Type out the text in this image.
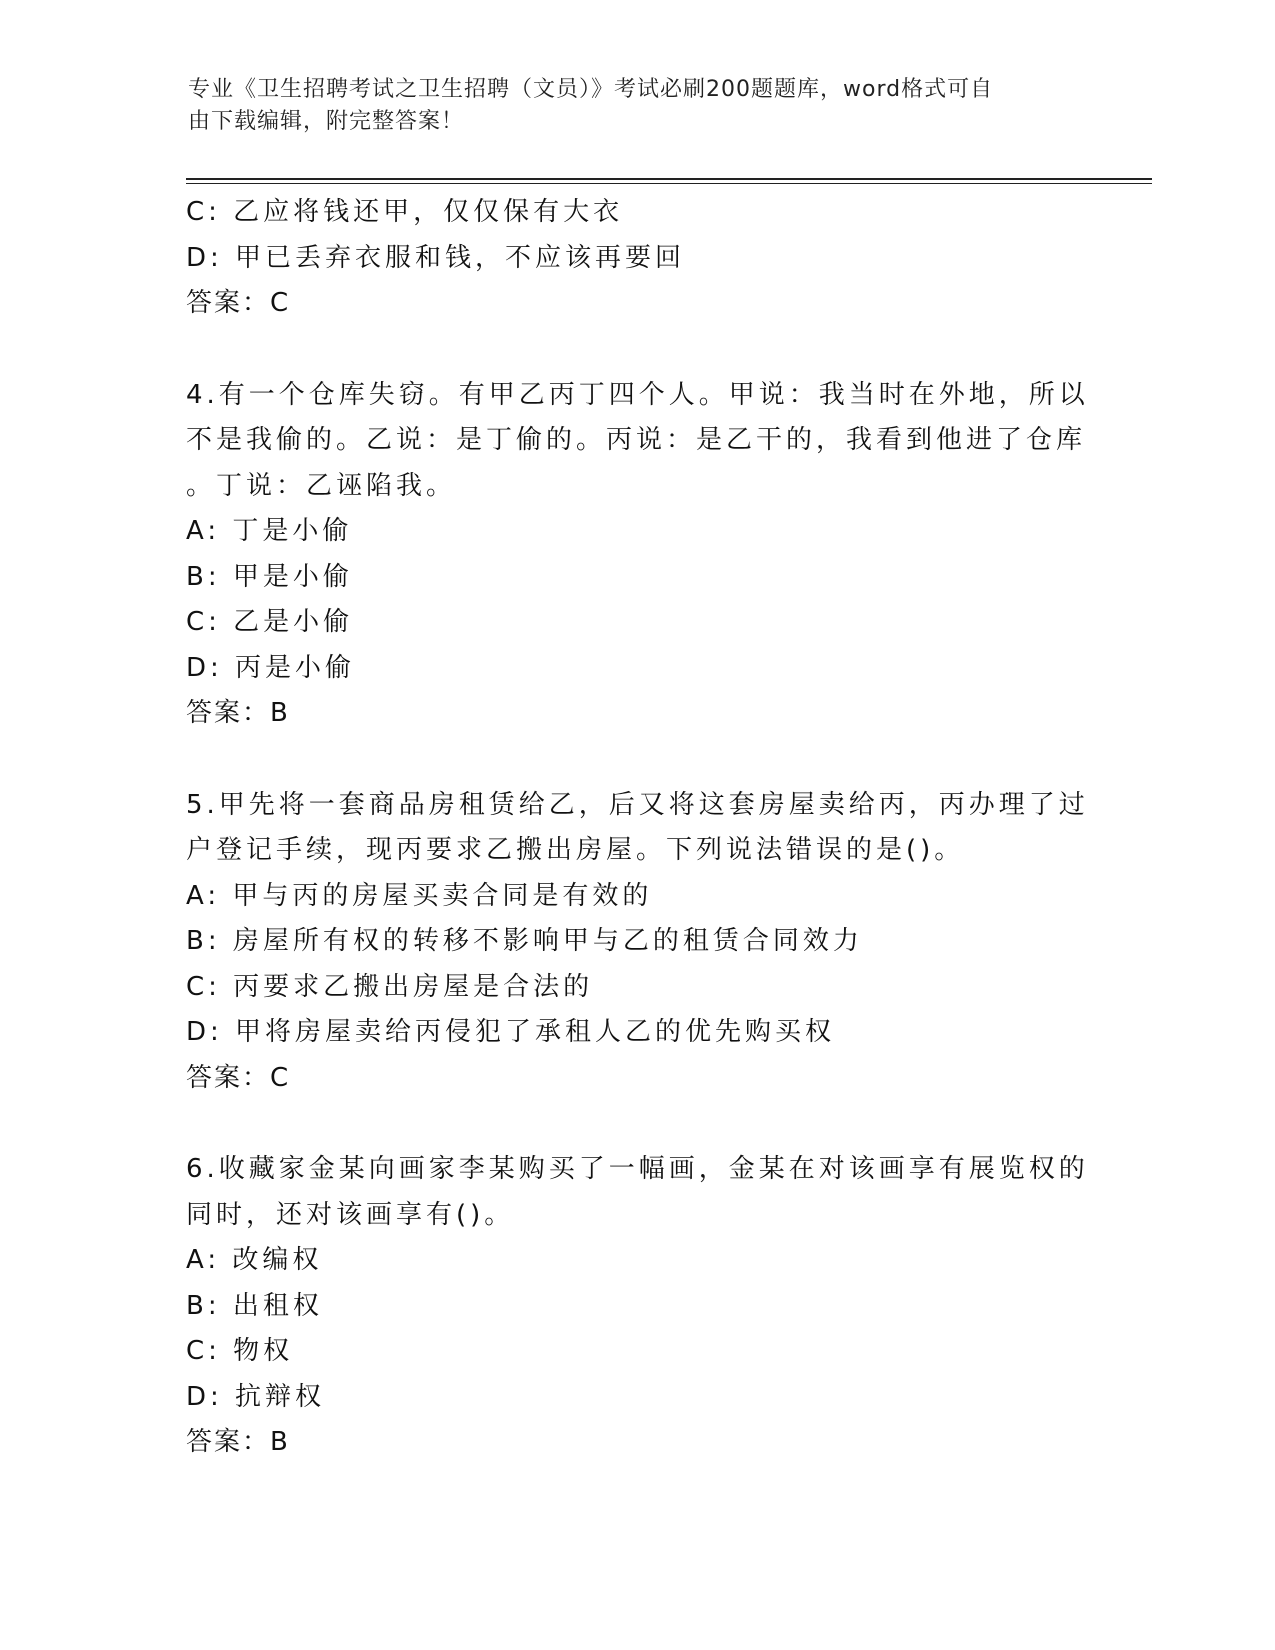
专业《卫生招聘考试之卫生招聘（文员）》考试必刷200题题库，word格式可自
由下载编辑，附完整答案！
C: 乙应将钱还甲，仅仅保有大衣
D: 甲已丢弃衣服和钱，不应该再要回
答案：C
4.有一个仓库失窃。有甲乙丙丁四个人。甲说：我当时在外地，所以
不是我偷的。乙说：是丁偷的。丙说：是乙干的，我看到他进了仓库
。丁说：乙诬陷我。
A: 丁是小偷
B: 甲是小偷
C: 乙是小偷
D: 丙是小偷
答案：B
5.甲先将一套商品房租赁给乙，后又将这套房屋卖给丙，丙办理了过
户登记手续，现丙要求乙搬出房屋。下列说法错误的是()。
A: 甲与丙的房屋买卖合同是有效的
B: 房屋所有权的转移不影响甲与乙的租赁合同效力
C: 丙要求乙搬出房屋是合法的
D: 甲将房屋卖给丙侵犯了承租人乙的优先购买权
答案：C
6.收藏家金某向画家李某购买了一幅画，金某在对该画享有展览权的
同时，还对该画享有()。
A: 改编权
B: 出租权
C: 物权
D: 抗辩权
答案：B
